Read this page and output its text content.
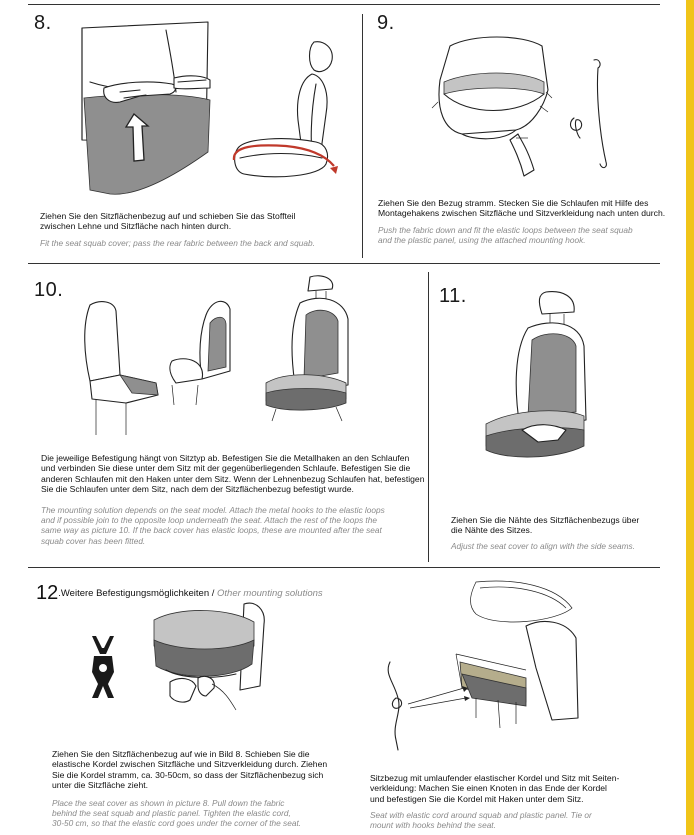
8.
Ziehen Sie den Sitzflächenbezug auf und schieben Sie das Stoffteil
zwischen Lehne und Sitzfläche nach hinten durch.
Fit the seat squab cover; pass the rear fabric between the back and squab.
9.
Ziehen Sie den Bezug stramm. Stecken Sie die Schlaufen mit Hilfe des
Montagehakens zwischen Sitzfläche und Sitzverkleidung nach unten durch.
Push the fabric down and fit the elastic loops between the seat squab
and the plastic panel, using the attached mounting hook.
10.
Die jeweilige Befestigung hängt von Sitztyp ab. Befestigen Sie die Metallhaken an den Schlaufen
und verbinden Sie diese unter dem Sitz mit der gegenüberliegenden Schlaufe. Befestigen Sie die
anderen Schlaufen mit den Haken unter dem Sitz. Wenn der Lehnenbezug Schlaufen hat, befestigen
Sie die Schlaufen unter dem Sitz, nach dem der Sitzflächenbezug befestigt wurde.
The mounting solution depends on the seat model. Attach the metal hooks to the elastic loops
and if possible join to the opposite loop underneath the seat. Attach the rest of the loops the
same way as picture 10. If the back cover has elastic loops, these are mounted after the seat
squab cover has been fitted.
11.
Ziehen Sie die Nähte des Sitzflächenbezugs über
die Nähte des Sitzes.
Adjust the seat cover to align with the side seams.
12.Weitere Befestigungsmöglichkeiten / Other mounting solutions
Ziehen Sie den Sitzflächenbezug auf wie in Bild 8. Schieben Sie die
elastische Kordel zwischen Sitzfläche und Sitzverkleidung durch. Ziehen
Sie die Kordel stramm, ca. 30-50cm, so dass der Sitzflächenbezug sich
unter die Sitzfläche zieht.
Place the seat cover as shown in picture 8. Pull down the fabric
behind the seat squab and plastic panel. Tighten the elastic cord,
30-50 cm, so that the elastic cord goes under the corner of the seat.
Sitzbezug mit umlaufender elastischer Kordel und Sitz mit Seiten-
verkleidung: Machen Sie einen Knoten in das Ende der Kordel
und befestigen Sie die Kordel mit Haken unter dem Sitz.
Seat with elastic cord around squab and plastic panel. Tie or
mount with hooks behind the seat.
